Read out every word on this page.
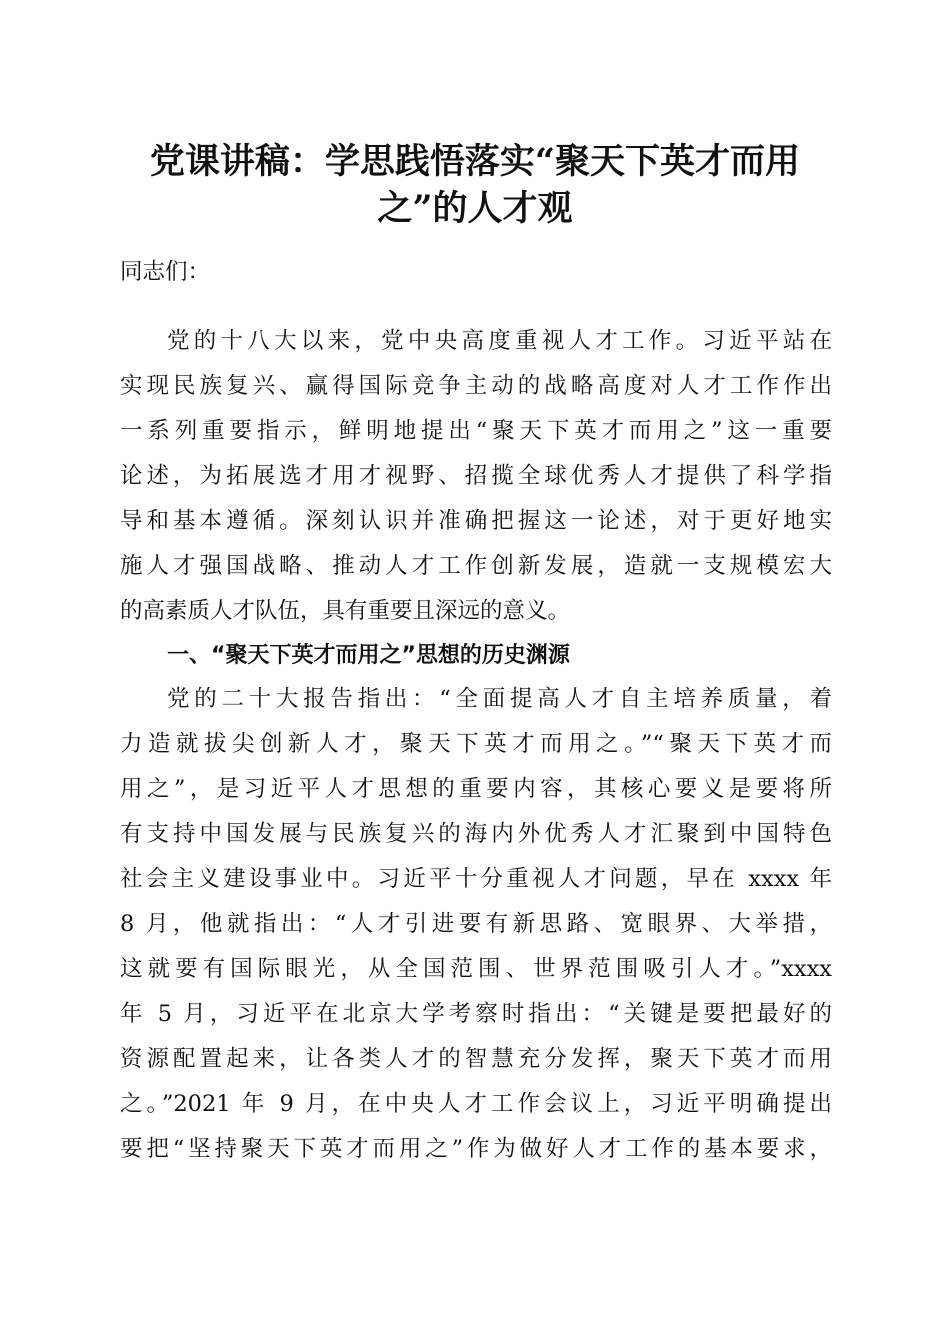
党课讲稿：学思践悟落实“聚天下英才而用
之”的人才观
同志们：
党的十八大以来，党中央高度重视人才工作。习近平站在
实现民族复兴、赢得国际竞争主动的战略高度对人才工作作出
一系列重要指示，鲜明地提出“聚天下英才而用之”这一重要
论述，为拓展选才用才视野、招揽全球优秀人才提供了科学指
导和基本遵循。深刻认识并准确把握这一论述，对于更好地实
施人才强国战略、推动人才工作创新发展，造就一支规模宏大
的高素质人才队伍，具有重要且深远的意义。
一、“聚天下英才而用之”思想的历史渊源
党的二十大报告指出：“全面提高人才自主培养质量，着
力造就拔尖创新人才，聚天下英才而用之。”“聚天下英才而
用之”，是习近平人才思想的重要内容，其核心要义是要将所
有支持中国发展与民族复兴的海内外优秀人才汇聚到中国特色
社会主义建设事业中。习近平十分重视人才问题，早在 xxxx 年
8 月，他就指出：“人才引进要有新思路、宽眼界、大举措，
这就要有国际眼光，从全国范围、世界范围吸引人才。”xxxx
年 5 月，习近平在北京大学考察时指出：“关键是要把最好的
资源配置起来，让各类人才的智慧充分发挥，聚天下英才而用
之。”2021 年 9 月，在中央人才工作会议上，习近平明确提出
要把“坚持聚天下英才而用之”作为做好人才工作的基本要求，
